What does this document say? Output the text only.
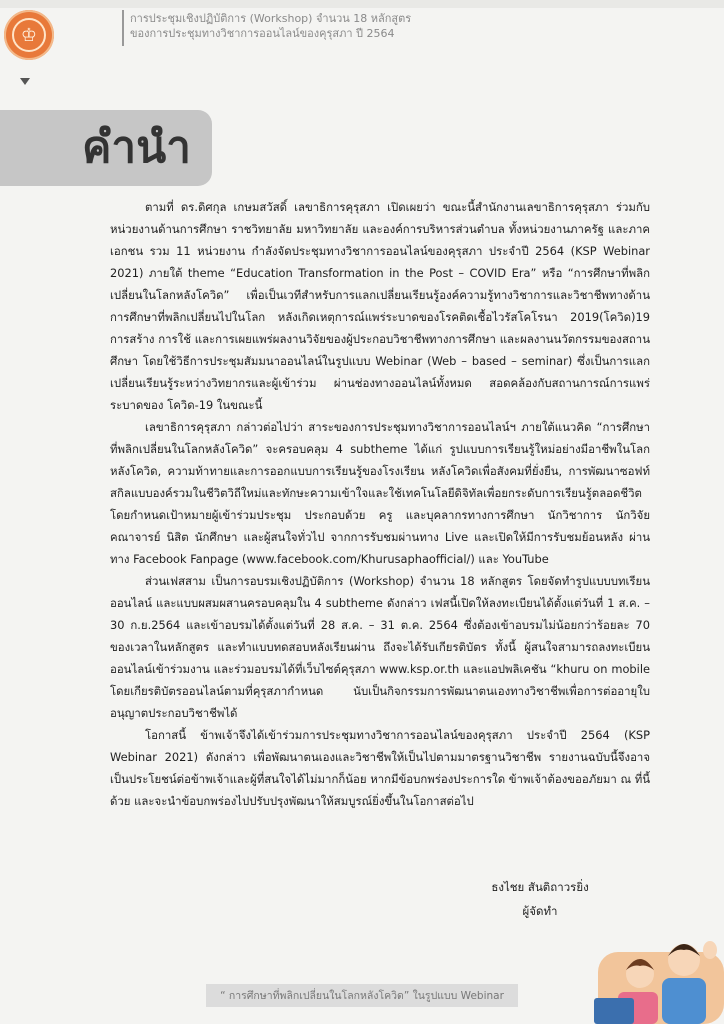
♔
การประชุมเชิงปฏิบัติการ (Workshop) จำนวน 18 หลักสูตร
ของการประชุมทางวิชาการออนไลน์ของคุรุสภา ปี 2564
คำนำ

ตามที่ ดร.ดิศกุล เกษมสวัสดิ์ เลขาธิการคุรุสภา เปิดเผยว่า ขณะนี้สำนักงานเลขาธิการคุรุสภา ร่วมกับ หน่วยงานด้านการศึกษา ราชวิทยาลัย มหาวิทยาลัย และองค์การบริหารส่วนตำบล ทั้งหน่วยงานภาครัฐ และภาคเอกชน รวม 11 หน่วยงาน กำลังจัดประชุมทางวิชาการออนไลน์ของคุรุสภา ประจำปี 2564 (KSP Webinar 2021) ภายใต้ theme “Education Transformation in the Post – COVID Era” หรือ “การศึกษาที่พลิกเปลี่ยนในโลกหลังโควิด” เพื่อเป็นเวทีสำหรับการแลกเปลี่ยนเรียนรู้องค์ความรู้ทางวิชาการและวิชาชีพทางด้านการศึกษาที่พลิกเปลี่ยนไปในโลก หลังเกิดเหตุการณ์แพร่ระบาดของโรคติดเชื้อไวรัสโคโรนา 2019(โควิด)19 การสร้าง การใช้ และการเผยแพร่ผลงานวิจัยของผู้ประกอบวิชาชีพทางการศึกษา และผลงานนวัตกรรมของสถานศึกษา โดยใช้วิธีการประชุมสัมมนาออนไลน์ในรูปแบบ Webinar (Web – based – seminar) ซึ่งเป็นการแลกเปลี่ยนเรียนรู้ระหว่างวิทยากรและผู้เข้าร่วม ผ่านช่องทางออนไลน์ทั้งหมด สอดคล้องกับสถานการณ์การแพร่ระบาดของ โควิด-19 ในขณะนี้

เลขาธิการคุรุสภา กล่าวต่อไปว่า สาระของการประชุมทางวิชาการออนไลน์ฯ ภายใต้แนวคิด “การศึกษาที่พลิกเปลี่ยนในโลกหลังโควิด” จะครอบคลุม 4 subtheme ได้แก่ รูปแบบการเรียนรู้ใหม่อย่างมีอาชีพในโลกหลังโควิด, ความท้าทายและการออกแบบการเรียนรู้ของโรงเรียน หลังโควิดเพื่อสังคมที่ยั่งยืน, การพัฒนาซอฟท์สกิลแบบองค์รวมในชีวิตวิถีใหม่และทักษะความเข้าใจและใช้เทคโนโลยีดิจิทัลเพื่อยกระดับการเรียนรู้ตลอดชีวิต โดยกำหนดเป้าหมายผู้เข้าร่วมประชุม ประกอบด้วย ครู และบุคลากรทางการศึกษา นักวิชาการ นักวิจัย คณาจารย์ นิสิต นักศึกษา และผู้สนใจทั่วไป จากการรับชมผ่านทาง Live และเปิดให้มีการรับชมย้อนหลัง ผ่านทาง Facebook Fanpage (www.facebook.com/Khurusaphaofficial/) และ YouTube

ส่วนเฟสสาม เป็นการอบรมเชิงปฏิบัติการ (Workshop) จำนวน 18 หลักสูตร โดยจัดทำรูปแบบบทเรียนออนไลน์ และแบบผสมผสานครอบคลุมใน 4 subtheme ดังกล่าว เฟสนี้เปิดให้ลงทะเบียนได้ตั้งแต่วันที่ 1 ส.ค. – 30 ก.ย.2564 และเข้าอบรมได้ตั้งแต่วันที่ 28 ส.ค. – 31 ต.ค. 2564 ซึ่งต้องเข้าอบรมไม่น้อยกว่าร้อยละ 70 ของเวลาในหลักสูตร และทำแบบทดสอบหลังเรียนผ่าน ถึงจะได้รับเกียรติบัตร ทั้งนี้ ผู้สนใจสามารถลงทะเบียนออนไลน์เข้าร่วมงาน และร่วมอบรมได้ที่เว็บไซต์คุรุสภา www.ksp.or.th และแอปพลิเคชัน “khuru on mobile โดยเกียรติบัตรออนไลน์ตามที่คุรุสภากำหนด นับเป็นกิจกรรมการพัฒนาตนเองทางวิชาชีพเพื่อการต่ออายุใบอนุญาตประกอบวิชาชีพได้

โอกาสนี้ ข้าพเจ้าจึงได้เข้าร่วมการประชุมทางวิชาการออนไลน์ของคุรุสภา ประจำปี 2564 (KSP Webinar 2021) ดังกล่าว เพื่อพัฒนาตนเองและวิชาชีพให้เป็นไปตามมาตรฐานวิชาชีพ รายงานฉบับนี้จึงอาจเป็นประโยชน์ต่อข้าพเจ้าและผู้ที่สนใจได้ไม่มากก็น้อย หากมีข้อบกพร่องประการใด ข้าพเจ้าต้องขออภัยมา ณ ที่นี้ด้วย และจะนำข้อบกพร่องไปปรับปรุงพัฒนาให้สมบูรณ์ยิ่งขึ้นในโอกาสต่อไป

ธงไชย สันติถาวรยิ่ง
ผู้จัดทำ
“ การศึกษาที่พลิกเปลี่ยนในโลกหลังโควิด” ในรูปแบบ Webinar
